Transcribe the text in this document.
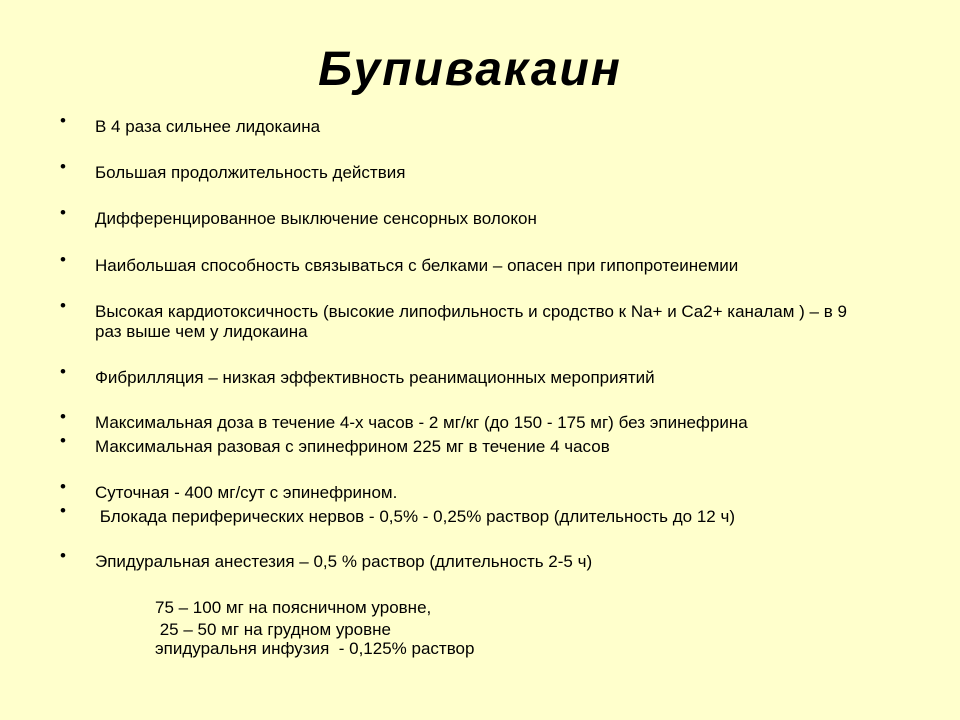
Бупивакаин
• В 4 раза сильнее лидокаина
• Большая продолжительность действия
• Дифференцированное выключение сенсорных волокон
• Наибольшая способность связываться с белками – опасен при гипопротеинемии
• Высокая кардиотоксичность (высокие липофильность и сродство к Na+ и Ca2+ каналам ) – в 9 раз выше чем у лидокаина
• Фибрилляция – низкая эффективность реанимационных мероприятий
• Максимальная доза в течение 4-х часов - 2 мг/кг (до 150 - 175 мг) без эпинефрина
• Максимальная разовая с эпинефрином 225 мг в течение 4 часов
• Суточная - 400 мг/сут с эпинефрином.
• Блокада периферических нервов - 0,5% - 0,25% раствор (длительность до 12 ч)
• Эпидуральная анестезия – 0,5 % раствор (длительность 2-5 ч)
75 – 100 мг на поясничном уровне,
25 – 50 мг на грудном уровне
эпидуральня инфузия  - 0,125% раствор
